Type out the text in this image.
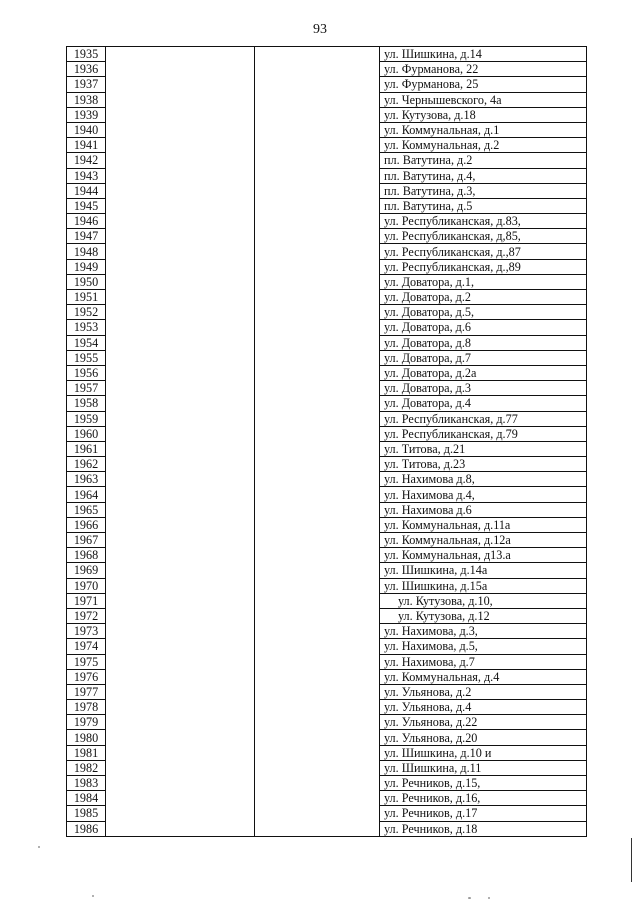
93
1935			ул. Шишкина, д.14
1936			ул. Фурманова, 22
1937			ул. Фурманова, 25
1938			ул. Чернышевского, 4а
1939			ул. Кутузова, д.18
1940			ул. Коммунальная, д.1
1941			ул. Коммунальная, д.2
1942			пл. Ватутина, д.2
1943			пл. Ватутина, д.4,
1944			пл. Ватутина, д.3,
1945			пл. Ватутина, д.5
1946			ул. Республиканская, д.83,
1947			ул. Республиканская, д,85,
1948			ул. Республиканская, д.,87
1949			ул. Республиканская, д.,89
1950			ул. Доватора, д.1,
1951			ул. Доватора, д.2
1952			ул. Доватора, д.5,
1953			ул. Доватора, д.6
1954			ул. Доватора, д.8
1955			ул. Доватора, д.7
1956			ул. Доватора, д.2а
1957			ул. Доватора, д.3
1958			ул. Доватора, д.4
1959			ул. Республиканская, д.77
1960			ул. Республиканская, д.79
1961			ул. Титова, д.21
1962			ул. Титова, д.23
1963			ул. Нахимова д.8,
1964			ул. Нахимова д.4,
1965			ул. Нахимова д.6
1966			ул. Коммунальная, д.11а
1967			ул. Коммунальная, д.12а
1968			ул. Коммунальная, д13.а
1969			ул. Шишкина, д.14а
1970			ул. Шишкина, д.15а
1971			ул. Кутузова, д.10,
1972			ул. Кутузова, д.12
1973			ул. Нахимова, д.3,
1974			ул. Нахимова, д.5,
1975			ул. Нахимова, д.7
1976			ул. Коммунальная, д.4
1977			ул. Ульянова, д.2
1978			ул. Ульянова, д.4
1979			ул. Ульянова, д.22
1980			ул. Ульянова, д.20
1981			ул. Шишкина, д.10 и
1982			ул. Шишкина, д.11
1983			ул. Речников, д.15,
1984			ул. Речников, д.16,
1985			ул. Речников, д.17
1986			ул. Речников, д.18
